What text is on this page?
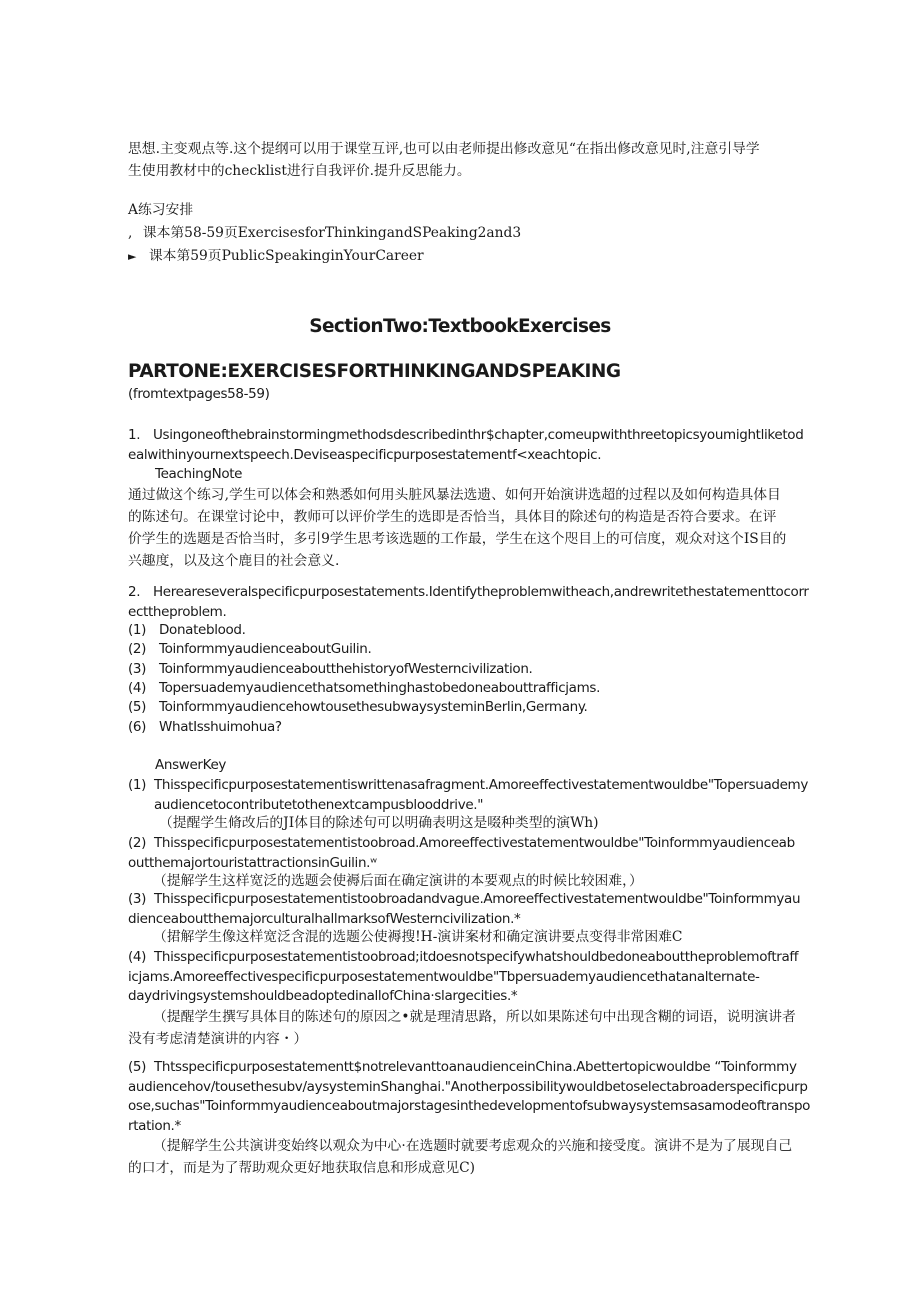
思想.主变观点等.这个提纲可以用于课堂互评,也可以由老师提出修改意见“在指出修改意见时,注意引导学
生使用教材中的checklist进行自我评价.提升反思能力。
A练习安排
, 课本第58-59页ExercisesforThinkingandSPeaking2and3
► 课本第59页PublicSpeakinginYourCareer
SectionTwo:TextbookExercises
PARTONE:EXERCISESFORTHINKINGANDSPEAKING
(fromtextpages58-59)
1. Usingoneofthebrainstormingmethodsdescribedinthr$chapter,comeupwiththreetopicsyoumightliketod
ealwithinyournextspeech.Deviseaspecificpurposestatementf<xeachtopic.
TeachingNote
通过做这个练习,学生可以体会和熟悉如何用头脏风暴法选遗、如何开始演讲选超的过程以及如何构造具体目
的陈述句。在课堂讨论中，教师可以评价学生的选即是否恰当，具体目的除述句的构造是否符合要求。在评
价学生的选题是否恰当时，多引9学生思考该选题的工作最，学生在这个咫目上的可信度，观众对这个IS目的
兴趣度，以及这个鹿目的社会意义.
2. Hereareseveralspecificpurposestatements.Identifytheproblemwitheach,andrewritethestatementtocorr
ecttheproblem.
(1) Donateblood.
(2) ToinformmyaudienceaboutGuilin.
(3) ToinformmyaudienceaboutthehistoryofWesterncivilization.
(4) Topersuademyaudiencethatsomethinghastobedoneabouttrafficjams.
(5) ToinformmyaudiencehowtousethesubwaysysteminBerlin,Germany.
(6) WhatIsshuimohua?
AnswerKey
(1) Thisspecificpurposestatementiswrittenasafragment.Amoreeffectivestatementwouldbe"Topersuademy
audiencetocontributetothenextcampusblooddrive."
（提醒学生脩改后的JI体目的除述句可以明确表明这是啜种类型的演Wh)
(2) Thisspecificpurposestatementistoobroad.Amoreeffectivestatementwouldbe"Toinformmyaudienceab
outthemajortouristattractionsinGuilin.ʷ
（提解学生这样宽泛的选题会使褥后面在确定演讲的本要观点的时候比较困难，）
(3) Thisspecificpurposestatementistoobroadandvague.Amoreeffectivestatementwouldbe"Toinformmyau
dienceaboutthemajorculturalhallmarksofWesterncivilization.*
（捃解学生像这样宽泛含混的选题公使褥搜!H-演讲案材和确定演讲要点变得非常困难C
(4) Thisspecificpurposestatementistoobroad;itdoesnotspecifywhatshouldbedoneabouttheproblemoftraff
icjams.Amoreeffectivespecificpurposestatementwouldbe"Tbpersuademyaudiencethatanalternate-
daydrivingsystemshouldbeadoptedinallofChina·slargecities.*
（提醒学生撰写具体目的陈述句的原因之•就是理清思路，所以如果陈述句中出现含糊的词语，说明演讲者
没有考虑清楚演讲的内容・）
(5) Thtsspecificpurposestatementt$notrelevanttoanaudienceinChina.Abettertopicwouldbe “Toinformmy
audiencehov/tousethesubv/aysysteminShanghai."Anotherpossibilitywouldbetoselectabroaderspecificpurp
ose,suchas"Toinformmyaudienceaboutmajorstagesinthedevelopmentofsubwaysystemsasamodeoftranspo
rtation.*
（提解学生公共演讲变始终以观众为中心·在选题时就要考虑观众的兴施和接受度。演讲不是为了展现自己
的口才，而是为了帮助观众更好地获取信息和形成意见C)
